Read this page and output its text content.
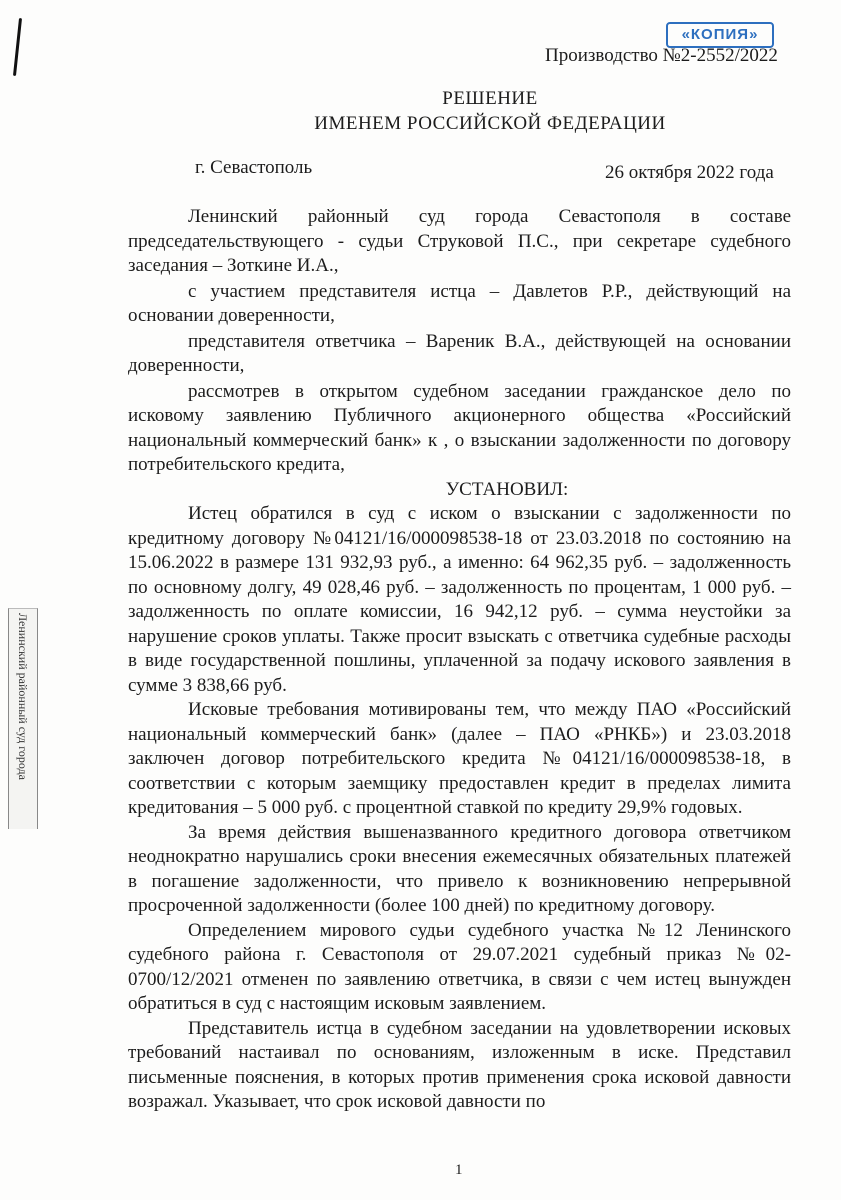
«КОПИЯ»
Производство №2-2552/2022
РЕШЕНИЕ
ИМЕНЕМ РОССИЙСКОЙ ФЕДЕРАЦИИ
г. Севастополь	26 октября 2022 года

Ленинский районный суд города Севастополя в составе председательствующего - судьи Струковой П.С., при секретаре судебного заседания – Зоткине И.А.,

с участием представителя истца – Давлетов Р.Р., действующий на основании доверенности,

представителя ответчика – Вареник В.А., действующей на основании доверенности,

рассмотрев в открытом судебном заседании гражданское дело по исковому заявлению Публичного акционерного общества «Российский национальный коммерческий банк» к , о взыскании задолженности по договору потребительского кредита,

УСТАНОВИЛ:

Истец обратился в суд с иском о взыскании с задолженности по кредитному договору №04121/16/000098538-18 от 23.03.2018 по состоянию на 15.06.2022 в размере 131 932,93 руб., а именно: 64 962,35 руб. – задолженность по основному долгу, 49 028,46 руб. – задолженность по процентам, 1 000 руб. – задолженность по оплате комиссии, 16 942,12 руб. – сумма неустойки за нарушение сроков уплаты. Также просит взыскать с ответчика судебные расходы в виде государственной пошлины, уплаченной за подачу искового заявления в сумме 3 838,66 руб.

Исковые требования мотивированы тем, что между ПАО «Российский национальный коммерческий банк» (далее – ПАО «РНКБ») и 23.03.2018 заключен договор потребительского кредита №04121/16/000098538-18, в соответствии с которым заемщику предоставлен кредит в пределах лимита кредитования – 5 000 руб. с процентной ставкой по кредиту 29,9% годовых.

За время действия вышеназванного кредитного договора ответчиком неоднократно нарушались сроки внесения ежемесячных обязательных платежей в погашение задолженности, что привело к возникновению непрерывной просроченной задолженности (более 100 дней) по кредитному договору.

Определением мирового судьи судебного участка №12 Ленинского судебного района г. Севастополя от 29.07.2021 судебный приказ №02-0700/12/2021 отменен по заявлению ответчика, в связи с чем истец вынужден обратиться в суд с настоящим исковым заявлением.

Представитель истца в судебном заседании на удовлетворении исковых требований настаивал по основаниям, изложенным в иске. Представил письменные пояснения, в которых против применения срока исковой давности возражал. Указывает, что срок исковой давности по

Ленинский районный суд города
1
